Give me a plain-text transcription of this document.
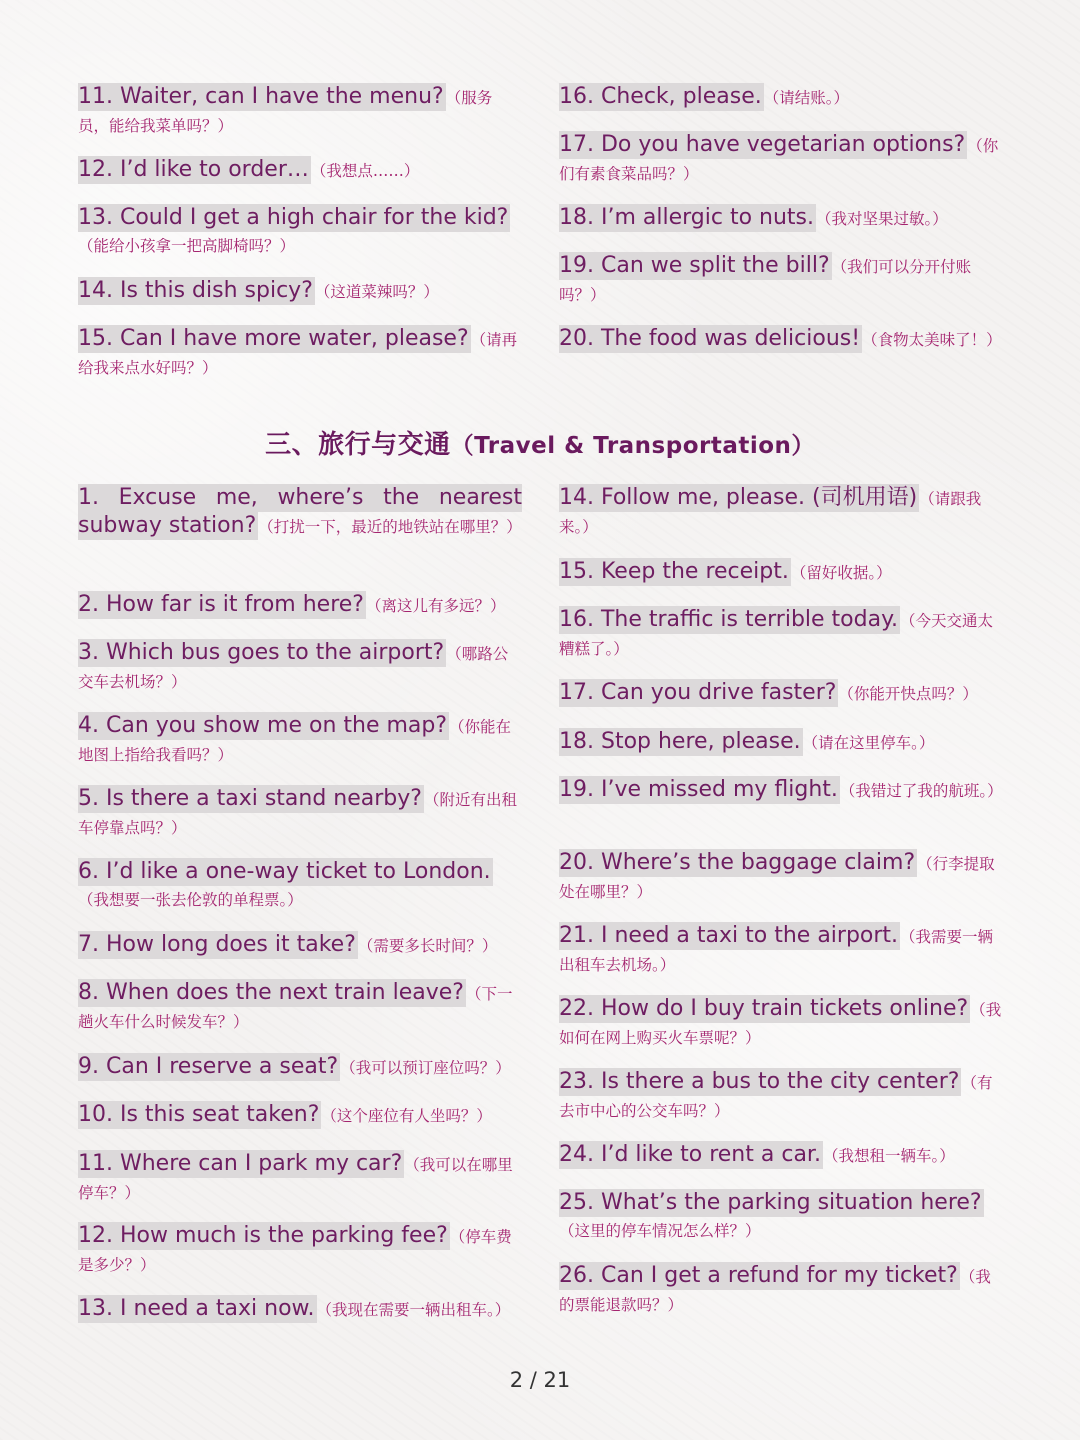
11. Waiter, can I have the menu? （服务员，能给我菜单吗？）

12. I’d like to order… （我想点……）

13. Could I get a high chair for the kid?（能给小孩拿一把高脚椅吗？）

14. Is this dish spicy? （这道菜辣吗？）

15. Can I have more water, please? （请再给我来点水好吗？）

16. Check, please. （请结账。）

17. Do you have vegetarian options? （你们有素食菜品吗？）

18. I’m allergic to nuts. （我对坚果过敏。）

19. Can we split the bill? （我们可以分开付账吗？）

20. The food was delicious! （食物太美味了！）

三、旅行与交通（Travel & Transportation）

1. Excuse me, where’s the nearest subway station? （打扰一下，最近的地铁站在哪里？）

2. How far is it from here? （离这儿有多远？）

3. Which bus goes to the airport? （哪路公交车去机场？）

4. Can you show me on the map? （你能在地图上指给我看吗？）

5. Is there a taxi stand nearby? （附近有出租车停靠点吗？）

6. I’d like a one-way ticket to London.（我想要一张去伦敦的单程票。）

7. How long does it take? （需要多长时间？）

8. When does the next train leave? （下一趟火车什么时候发车？）

9. Can I reserve a seat? （我可以预订座位吗？）

10. Is this seat taken? （这个座位有人坐吗？）

11. Where can I park my car? （我可以在哪里停车？）

12. How much is the parking fee? （停车费是多少？）

13. I need a taxi now. （我现在需要一辆出租车。）

14. Follow me, please. (司机用语) （请跟我来。）

15. Keep the receipt. （留好收据。）

16. The traffic is terrible today. （今天交通太糟糕了。）

17. Can you drive faster? （你能开快点吗？）

18. Stop here, please. （请在这里停车。）

19. I’ve missed my flight. （我错过了我的航班。）

20. Where’s the baggage claim? （行李提取处在哪里？）

21. I need a taxi to the airport. （我需要一辆出租车去机场。）

22. How do I buy train tickets online? （我如何在网上购买火车票呢？）

23. Is there a bus to the city center? （有去市中心的公交车吗？）

24. I’d like to rent a car. （我想租一辆车。）

25. What’s the parking situation here?（这里的停车情况怎么样？）

26. Can I get a refund for my ticket? （我的票能退款吗？）

2 / 21
